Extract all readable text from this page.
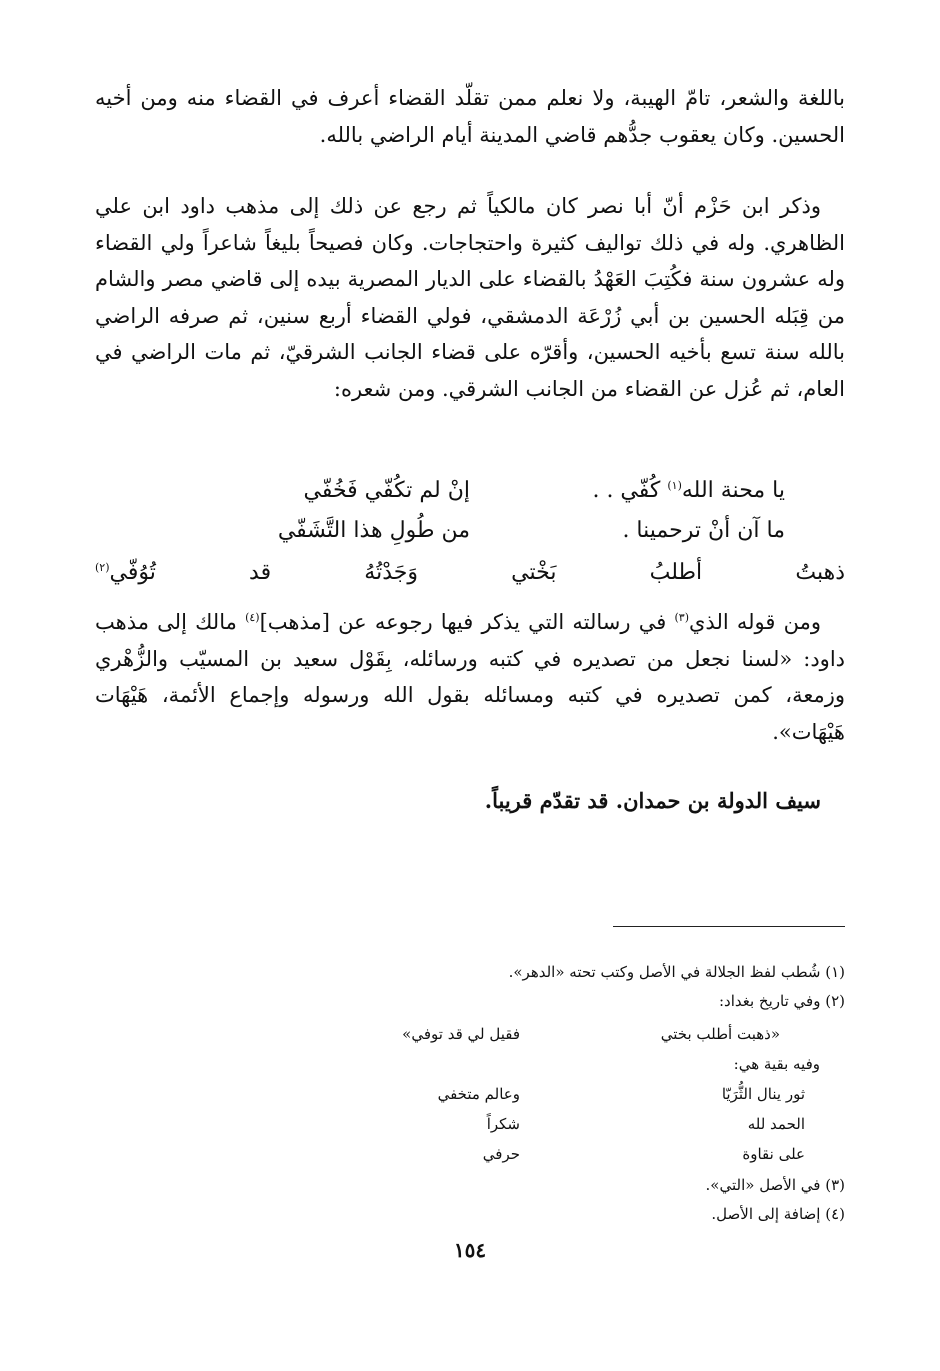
باللغة والشعر، تامّ الهيبة، ولا نعلم ممن تقلّد القضاء أعرف في القضاء منه ومن أخيه الحسين. وكان يعقوب جدُّهم قاضي المدينة أيام الراضي بالله.

وذكر ابن حَزْم أنّ أبا نصر كان مالكياً ثم رجع عن ذلك إلى مذهب داود ابن علي الظاهري. وله في ذلك تواليف كثيرة واحتجاجات. وكان فصيحاً بليغاً شاعراً ولي القضاء وله عشرون سنة فكُتِبَ العَهْدُ بالقضاء على الديار المصرية بيده إلى قاضي مصر والشام من قِبَله الحسين بن أبي زُرْعَة الدمشقي، فولي القضاء أربع سنين، ثم صرفه الراضي بالله سنة تسع بأخيه الحسين، وأقرّه على قضاء الجانب الشرقيّ، ثم مات الراضي في العام، ثم عُزل عن القضاء من الجانب الشرقي. ومن شعره:

يا محنة الله$^{(١)}$ كُفّي . .

إنْ لم تكُفّي فَخُفّي

ما آن أنْ ترحمينا .

من طُولِ هذا التَّشَفّي

ذهبتُ أطلبُ بَخْتي وَجَدْتُهُ قد تُوُفّي$^{(٢)}$

ومن قوله الذي$^{(٣)}$ في رسالته التي يذكر فيها رجوعه عن [مذهب]$^{(٤)}$ مالك إلى مذهب داود: «لسنا نجعل من تصديره في كتبه ورسائله، بِقَوْل سعيد بن المسيّب والزُّهْري وزمعة، كمن تصديره في كتبه ومسائله بقول الله ورسوله وإجماع الأئمة، هَيْهَات هَيْهَات».

سيف الدولة بن حمدان. قد تقدّم قريباً.

(١) شُطب لفظ الجلالة في الأصل وكتب تحته «الدهر».

(٢) وفي تاريخ بغداد:

«ذهبت أطلب بختي

فقيل لي قد توفي»

وفيه بقية هي:

ثور ينال الثُّرَيّا

وعالم متخفي

الحمد لله

شكراً

على نقاوة

حرفي

(٣) في الأصل «التي».

(٤) إضافة إلى الأصل.

١٥٤
